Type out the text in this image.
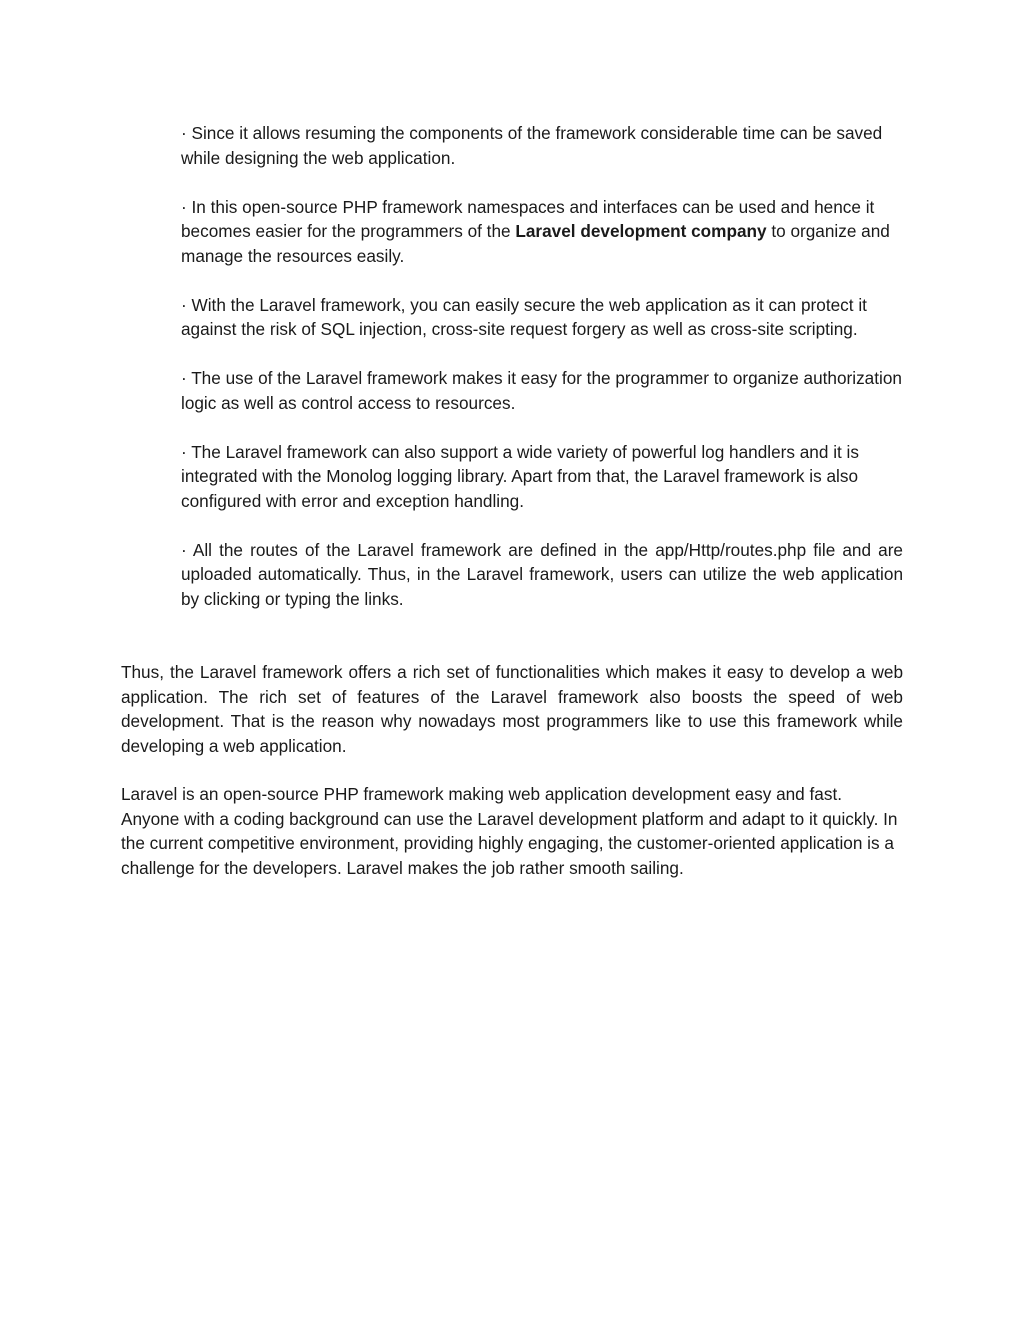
· Since it allows resuming the components of the framework considerable time can be saved while designing the web application.
· In this open-source PHP framework namespaces and interfaces can be used and hence it becomes easier for the programmers of the Laravel development company to organize and manage the resources easily.
· With the Laravel framework, you can easily secure the web application as it can protect it against the risk of SQL injection, cross-site request forgery as well as cross-site scripting.
· The use of the Laravel framework makes it easy for the programmer to organize authorization logic as well as control access to resources.
· The Laravel framework can also support a wide variety of powerful log handlers and it is integrated with the Monolog logging library. Apart from that, the Laravel framework is also configured with error and exception handling.
· All the routes of the Laravel framework are defined in the app/Http/routes.php file and are uploaded automatically. Thus, in the Laravel framework, users can utilize the web application by clicking or typing the links.

Thus, the Laravel framework offers a rich set of functionalities which makes it easy to develop a web application. The rich set of features of the Laravel framework also boosts the speed of web development. That is the reason why nowadays most programmers like to use this framework while developing a web application.

Laravel is an open-source PHP framework making web application development easy and fast. Anyone with a coding background can use the Laravel development platform and adapt to it quickly. In the current competitive environment, providing highly engaging, the customer-oriented application is a challenge for the developers. Laravel makes the job rather smooth sailing.
